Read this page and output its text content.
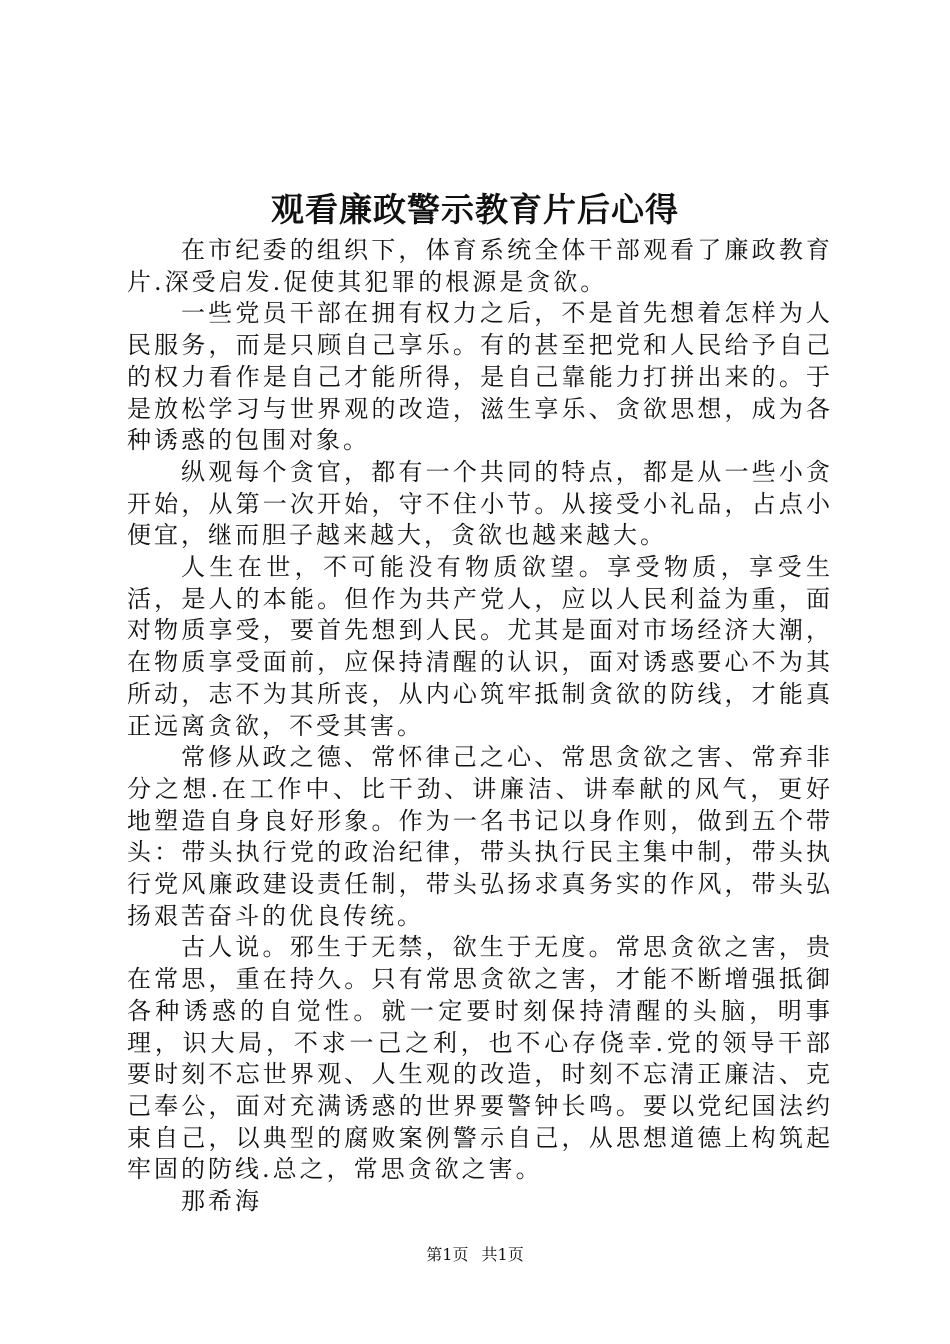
观看廉政警示教育片后心得

在市纪委的组织下，体育系统全体干部观看了廉政教育片.深受启发.促使其犯罪的根源是贪欲。

一些党员干部在拥有权力之后，不是首先想着怎样为人民服务，而是只顾自己享乐。有的甚至把党和人民给予自己的权力看作是自己才能所得，是自己靠能力打拼出来的。于是放松学习与世界观的改造，滋生享乐、贪欲思想，成为各种诱惑的包围对象。

纵观每个贪官，都有一个共同的特点，都是从一些小贪开始，从第一次开始，守不住小节。从接受小礼品，占点小便宜，继而胆子越来越大，贪欲也越来越大。

人生在世，不可能没有物质欲望。享受物质，享受生活，是人的本能。但作为共产党人，应以人民利益为重，面对物质享受，要首先想到人民。尤其是面对市场经济大潮，在物质享受面前，应保持清醒的认识，面对诱惑要心不为其所动，志不为其所丧，从内心筑牢抵制贪欲的防线，才能真正远离贪欲，不受其害。

常修从政之德、常怀律己之心、常思贪欲之害、常弃非分之想.在工作中、比干劲、讲廉洁、讲奉献的风气，更好地塑造自身良好形象。作为一名书记以身作则，做到五个带头：带头执行党的政治纪律，带头执行民主集中制，带头执行党风廉政建设责任制，带头弘扬求真务实的作风，带头弘扬艰苦奋斗的优良传统。

古人说。邪生于无禁，欲生于无度。常思贪欲之害，贵在常思，重在持久。只有常思贪欲之害，才能不断增强抵御各种诱惑的自觉性。就一定要时刻保持清醒的头脑，明事理，识大局，不求一己之利，也不心存侥幸.党的领导干部要时刻不忘世界观、人生观的改造，时刻不忘清正廉洁、克己奉公，面对充满诱惑的世界要警钟长鸣。要以党纪国法约束自己，以典型的腐败案例警示自己，从思想道德上构筑起牢固的防线.总之，常思贪欲之害。

那希海

第1页 共1页
